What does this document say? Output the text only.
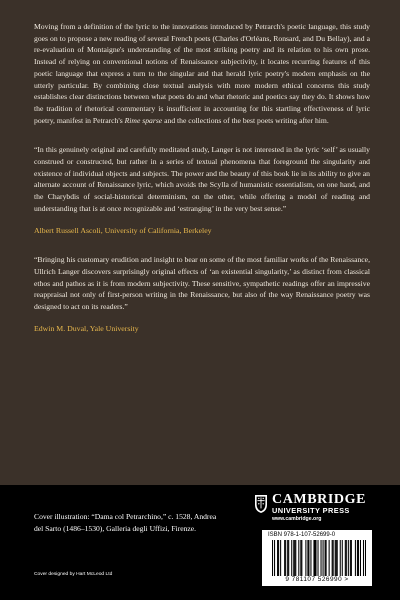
Moving from a definition of the lyric to the innovations introduced by Petrarch's poetic language, this study goes on to propose a new reading of several French poets (Charles d'Orléans, Ronsard, and Du Bellay), and a re-evaluation of Montaigne's understanding of the most striking poetry and its relation to his own prose. Instead of relying on conventional notions of Renaissance subjectivity, it locates recurring features of this poetic language that express a turn to the singular and that herald lyric poetry's modern emphasis on the utterly particular. By combining close textual analysis with more modern ethical concerns this study establishes clear distinctions between what poets do and what rhetoric and poetics say they do. It shows how the tradition of rhetorical commentary is insufficient in accounting for this startling effectiveness of lyric poetry, manifest in Petrarch's Rime sparse and the collections of the best poets writing after him.

“In this genuinely original and carefully meditated study, Langer is not interested in the lyric ‘self’ as usually construed or constructed, but rather in a series of textual phenomena that foreground the singularity and existence of individual objects and subjects. The power and the beauty of this book lie in its ability to give an alternate account of Renaissance lyric, which avoids the Scylla of humanistic essentialism, on one hand, and the Charybdis of social-historical determinism, on the other, while offering a model of reading and understanding that is at once recognizable and ‘estranging’ in the very best sense.”

Albert Russell Ascoli, University of California, Berkeley

“Bringing his customary erudition and insight to bear on some of the most familiar works of the Renaissance, Ullrich Langer discovers surprisingly original effects of ‘an existential singularity,’ as distinct from classical ethos and pathos as it is from modern subjectivity. These sensitive, sympathetic readings offer an impressive reappraisal not only of first-person writing in the Renaissance, but also of the way Renaissance poetry was designed to act on its readers.”

Edwin M. Duval, Yale University
Cover illustration: “Dama col Petrarchino,” c. 1528, Andrea del Sarto (1486–1530), Galleria degli Uffizi, Firenze.
Cover designed by Hart McLeod Ltd
CAMBRIDGE
UNIVERSITY PRESS
www.cambridge.org
ISBN 978-1-107-52699-0
9 781107 526990 >
